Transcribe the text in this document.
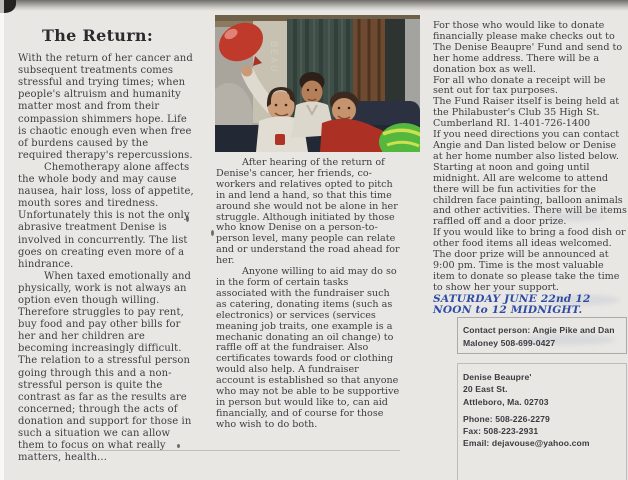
The Return:

With the return of her cancer and subsequent treatments comes stressful and trying times; when people's altruism and humanity matter most and from their compassion shimmers hope. Life is chaotic enough even when free of burdens caused by the required therapy's repercussions.

Chemotherapy alone affects the whole body and may cause nausea, hair loss, loss of appetite, mouth sores and tiredness. Unfortunately this is not the only abrasive treatment Denise is involved in concurrently. The list goes on creating even more of a hindrance.

When taxed emotionally and physically, work is not always an option even though willing. Therefore struggles to pay rent, buy food and pay other bills for her and her children are becoming increasingly difficult. The relation to a stressful person going through this and a non-stressful person is quite the contrast as far as the results are concerned; through the acts of donation and support for those in such a situation we can allow them to focus on what really matters, health...

BEAU

After hearing of the return of Denise's cancer, her friends, co-workers and relatives opted to pitch in and lend a hand, so that this time around she would not be alone in her struggle. Although initiated by those who know Denise on a person-to-person level, many people can relate and or understand the road ahead for her.

Anyone willing to aid may do so in the form of certain tasks associated with the fundraiser such as catering, donating items (such as electronics) or services (services meaning job traits, one example is a mechanic donating an oil change) to raffle off at the fundraiser. Also certificates towards food or clothing would also help. A fundraiser account is established so that anyone who may not be able to be supportive in person but would like to, can aid financially, and of course for those who wish to do both.

For those who would like to donate financially please make checks out to The Denise Beaupre' Fund and send to her home address. There will be a donation box as well.

For all who donate a receipt will be sent out for tax purposes.

The Fund Raiser itself is being held at the Philabuster's Club 35 High St. Cumberland RI. 1-401-726-1400

If you need directions you can contact Angie and Dan listed below or Denise at her home number also listed below. Starting at noon and going until midnight. All are welcome to attend there will be fun activities for the children face painting, balloon animals and other activities. There will be items raffled off and a door prize.

If you would like to bring a food dish or other food items all ideas welcomed.

The door prize will be announced at 9:00 pm. Time is the most valuable item to donate so please take the time to show her your support.

SATURDAY JUNE 22nd 12 NOON to 12 MIDNIGHT.

Contact person: Angie Pike and Dan Maloney 508-699-0427

Denise Beaupre'

20 East St.

Attleboro, Ma. 02703

Phone: 508-226-2279

Fax: 508-223-2931

Email: dejavouse@yahoo.com
